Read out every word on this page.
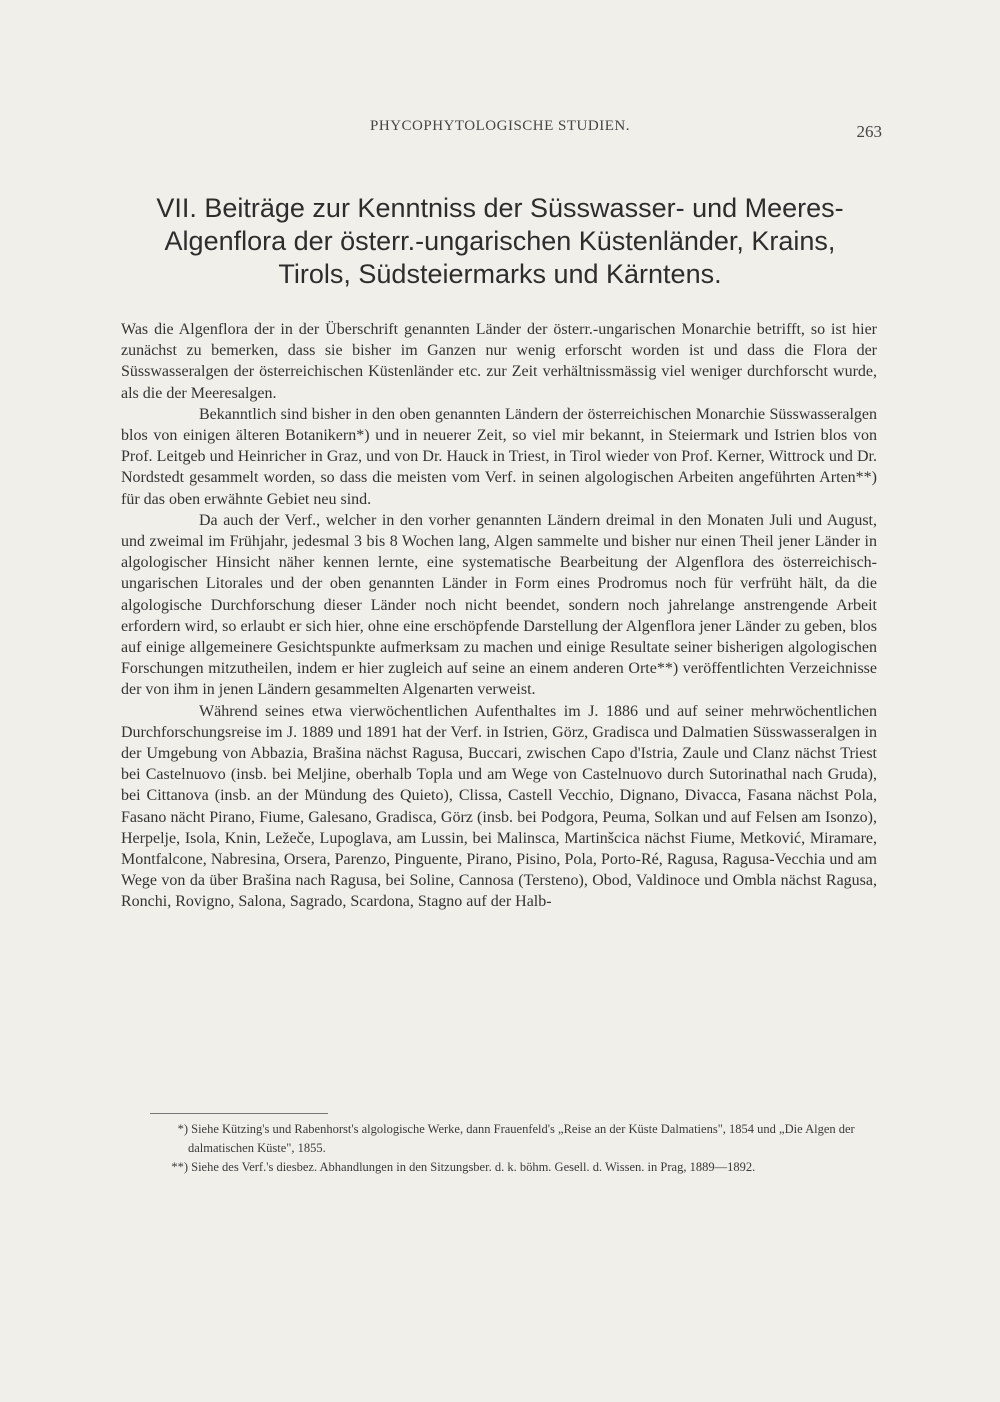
PHYCOPHYTOLOGISCHE STUDIEN.	263
VII. Beiträge zur Kenntniss der Süsswasser- und Meeres-
Algenflora der österr.-ungarischen Küstenländer, Krains,
Tirols, Südsteiermarks und Kärntens.

Was die Algenflora der in der Überschrift genannten Länder der österr.-ungarischen Monarchie betrifft, so ist hier zunächst zu bemerken, dass sie bisher im Ganzen nur wenig erforscht worden ist und dass die Flora der Süsswasseralgen der österreichischen Küstenländer etc. zur Zeit verhältnissmässig viel weniger durchforscht wurde, als die der Meeresalgen.

Bekanntlich sind bisher in den oben genannten Ländern der österreichischen Monarchie Süsswasseralgen blos von einigen älteren Botanikern*) und in neuerer Zeit, so viel mir bekannt, in Steiermark und Istrien blos von Prof. Leitgeb und Heinricher in Graz, und von Dr. Hauck in Triest, in Tirol wieder von Prof. Kerner, Wittrock und Dr. Nordstedt gesammelt worden, so dass die meisten vom Verf. in seinen algologischen Arbeiten angeführten Arten**) für das oben erwähnte Gebiet neu sind.

Da auch der Verf., welcher in den vorher genannten Ländern dreimal in den Monaten Juli und August, und zweimal im Frühjahr, jedesmal 3 bis 8 Wochen lang, Algen sammelte und bisher nur einen Theil jener Länder in algologischer Hinsicht näher kennen lernte, eine systematische Bearbeitung der Algenflora des österreichisch-ungarischen Litorales und der oben genannten Länder in Form eines Prodromus noch für verfrüht hält, da die algologische Durchforschung dieser Länder noch nicht beendet, sondern noch jahrelange anstrengende Arbeit erfordern wird, so erlaubt er sich hier, ohne eine erschöpfende Darstellung der Algenflora jener Länder zu geben, blos auf einige allgemeinere Gesichtspunkte aufmerksam zu machen und einige Resultate seiner bisherigen algologischen Forschungen mitzutheilen, indem er hier zugleich auf seine an einem anderen Orte**) veröffentlichten Verzeichnisse der von ihm in jenen Ländern gesammelten Algenarten verweist.

Während seines etwa vierwöchentlichen Aufenthaltes im J. 1886 und auf seiner mehrwöchentlichen Durchforschungsreise im J. 1889 und 1891 hat der Verf. in Istrien, Görz, Gradisca und Dalmatien Süsswasseralgen in der Umgebung von Abbazia, Brašina nächst Ragusa, Buccari, zwischen Capo d'Istria, Zaule und Clanz nächst Triest bei Castelnuovo (insb. bei Meljine, oberhalb Topla und am Wege von Castelnuovo durch Sutorinathal nach Gruda), bei Cittanova (insb. an der Mündung des Quieto), Clissa, Castell Vecchio, Dignano, Divacca, Fasana nächst Pola, Fasano nächt Pirano, Fiume, Galesano, Gradisca, Görz (insb. bei Podgora, Peuma, Solkan und auf Felsen am Isonzo), Herpelje, Isola, Knin, Ležeče, Lupoglava, am Lussin, bei Malinsca, Martinšcica nächst Fiume, Metković, Miramare, Montfalcone, Nabresina, Orsera, Parenzo, Pinguente, Pirano, Pisino, Pola, Porto-Ré, Ragusa, Ragusa-Vecchia und am Wege von da über Brašina nach Ragusa, bei Soline, Cannosa (Tersteno), Obod, Valdinoce und Ombla nächst Ragusa, Ronchi, Rovigno, Salona, Sagrado, Scardona, Stagno auf der Halb-

*) Siehe Kützing's und Rabenhorst's algologische Werke, dann Frauenfeld's „Reise an der Küste Dalmatiens", 1854 und „Die Algen der dalmatischen Küste", 1855.

**) Siehe des Verf.'s diesbez. Abhandlungen in den Sitzungsber. d. k. böhm. Gesell. d. Wissen. in Prag, 1889—1892.
